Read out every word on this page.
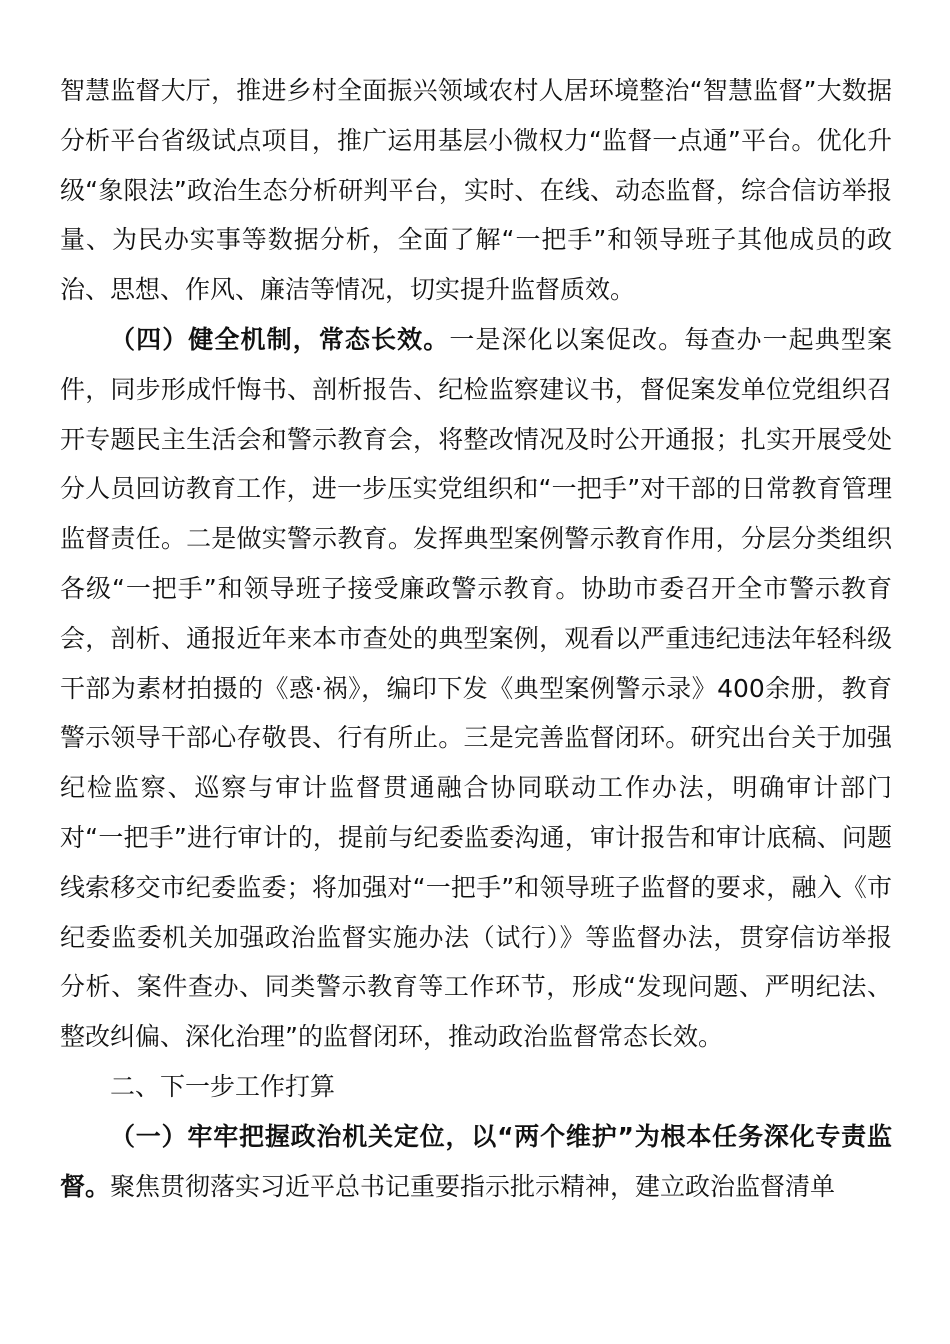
智慧监督大厅，推进乡村全面振兴领域农村人居环境整治“智慧监督”大数据分析平台省级试点项目，推广运用基层小微权力“监督一点通”平台。优化升级“象限法”政治生态分析研判平台，实时、在线、动态监督，综合信访举报量、为民办实事等数据分析，全面了解“一把手”和领导班子其他成员的政治、思想、作风、廉洁等情况，切实提升监督质效。

（四）健全机制，常态长效。一是深化以案促改。每查办一起典型案件，同步形成忏悔书、剖析报告、纪检监察建议书，督促案发单位党组织召开专题民主生活会和警示教育会，将整改情况及时公开通报；扎实开展受处分人员回访教育工作，进一步压实党组织和“一把手”对干部的日常教育管理监督责任。二是做实警示教育。发挥典型案例警示教育作用，分层分类组织各级“一把手”和领导班子接受廉政警示教育。协助市委召开全市警示教育会，剖析、通报近年来本市查处的典型案例，观看以严重违纪违法年轻科级干部为素材拍摄的《惑·祸》，编印下发《典型案例警示录》400余册，教育警示领导干部心存敬畏、行有所止。三是完善监督闭环。研究出台关于加强纪检监察、巡察与审计监督贯通融合协同联动工作办法，明确审计部门对“一把手”进行审计的，提前与纪委监委沟通，审计报告和审计底稿、问题线索移交市纪委监委；将加强对“一把手”和领导班子监督的要求，融入《市纪委监委机关加强政治监督实施办法（试行）》等监督办法，贯穿信访举报分析、案件查办、同类警示教育等工作环节，形成“发现问题、严明纪法、整改纠偏、深化治理”的监督闭环，推动政治监督常态长效。

二、下一步工作打算

（一）牢牢把握政治机关定位，以“两个维护”为根本任务深化专责监督。聚焦贯彻落实习近平总书记重要指示批示精神，建立政治监督清单
